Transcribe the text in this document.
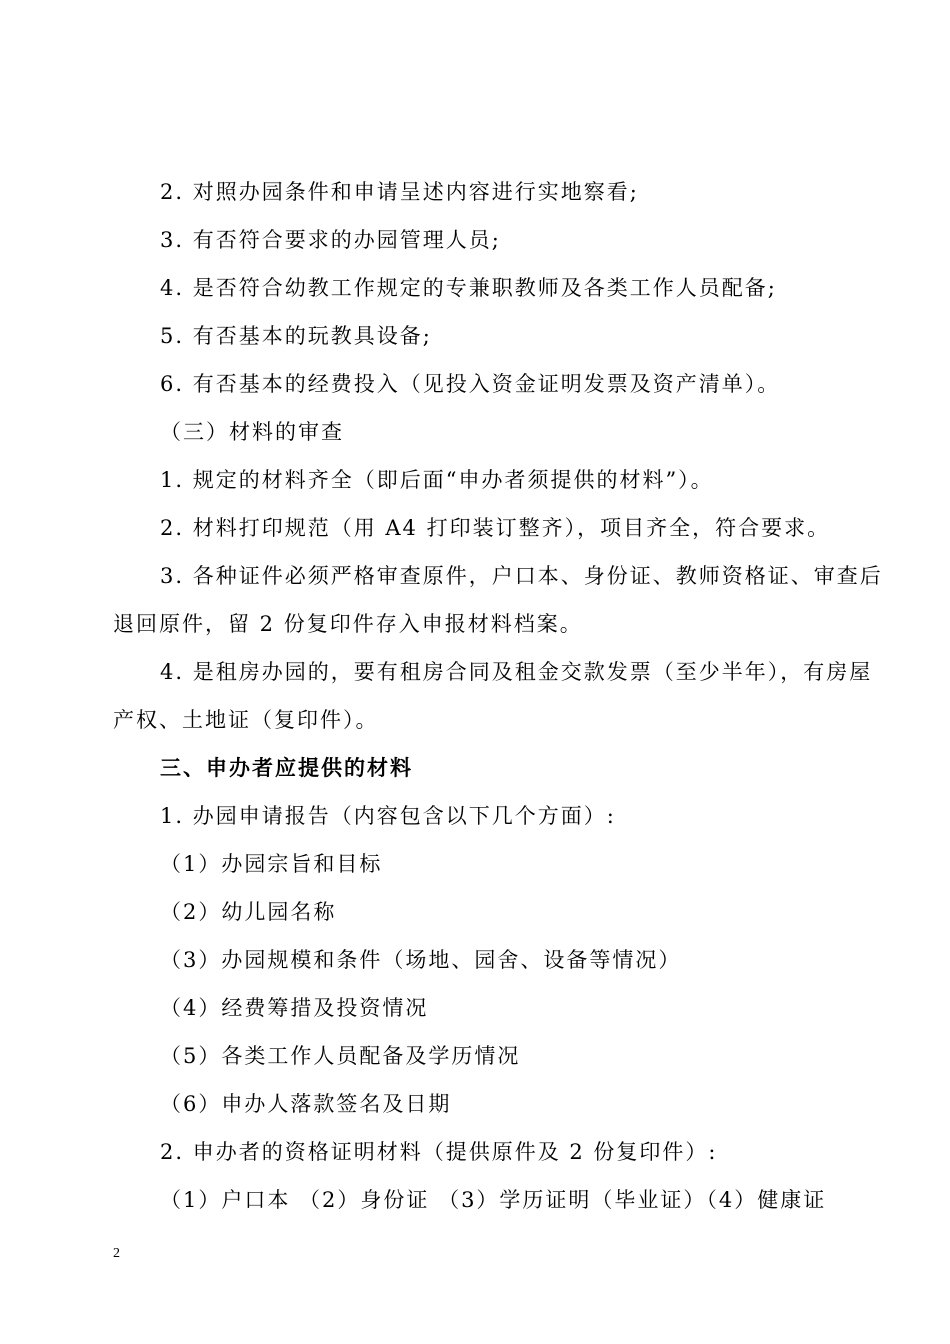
2. 对照办园条件和申请呈述内容进行实地察看;
3. 有否符合要求的办园管理人员;
4. 是否符合幼教工作规定的专兼职教师及各类工作人员配备;
5. 有否基本的玩教具设备;
6. 有否基本的经费投入（见投入资金证明发票及资产清单）。
（三）材料的审查
1. 规定的材料齐全（即后面“申办者须提供的材料”）。
2. 材料打印规范（用 A4 打印装订整齐），项目齐全，符合要求。
3. 各种证件必须严格审查原件，户口本、身份证、教师资格证、审查后
退回原件，留 2 份复印件存入申报材料档案。
4. 是租房办园的，要有租房合同及租金交款发票（至少半年），有房屋
产权、土地证（复印件）。
三、申办者应提供的材料
1. 办园申请报告（内容包含以下几个方面）:
（1）办园宗旨和目标
（2）幼儿园名称
（3）办园规模和条件（场地、园舍、设备等情况）
（4）经费筹措及投资情况
（5）各类工作人员配备及学历情况
（6）申办人落款签名及日期
2. 申办者的资格证明材料（提供原件及 2 份复印件）:
（1）户口本 （2）身份证 （3）学历证明（毕业证）（4）健康证
2
